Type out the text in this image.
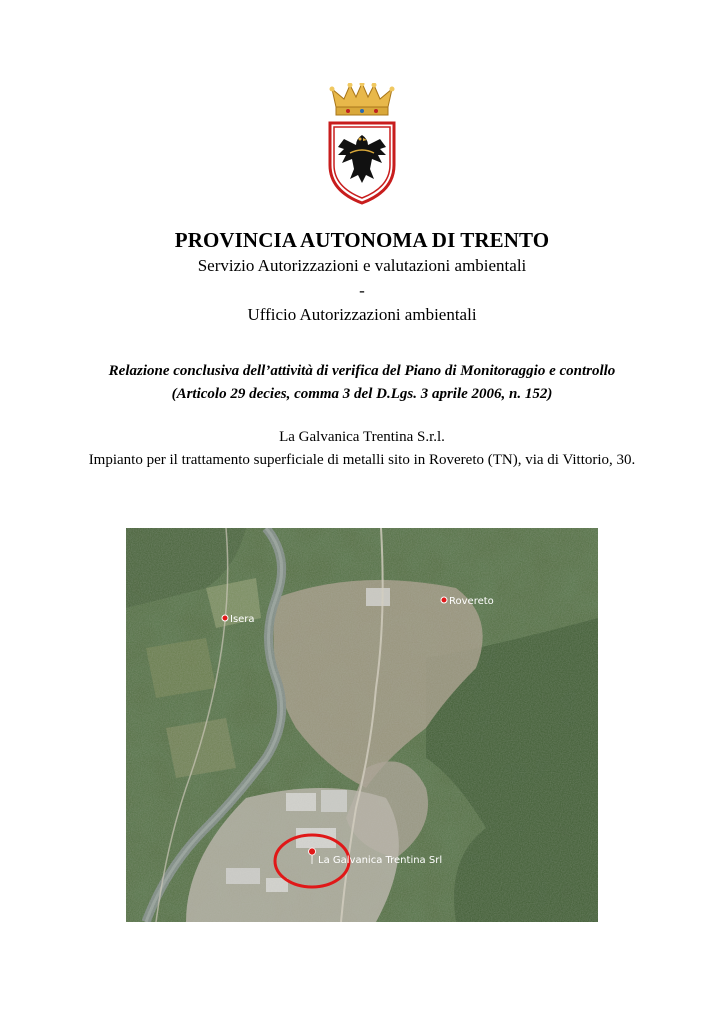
PROVINCIA AUTONOMA DI TRENTO
Servizio Autorizzazioni e valutazioni ambientali
-
Ufficio Autorizzazioni ambientali
Relazione conclusiva dell’attività di verifica del Piano di Monitoraggio e controllo
(Articolo 29 decies, comma 3 del D.Lgs. 3 aprile 2006, n. 152)
La Galvanica Trentina S.r.l.
Impianto per il trattamento superficiale di metalli sito in Rovereto (TN), via di Vittorio, 30.
Isera
Rovereto
La Galvanica Trentina Srl
